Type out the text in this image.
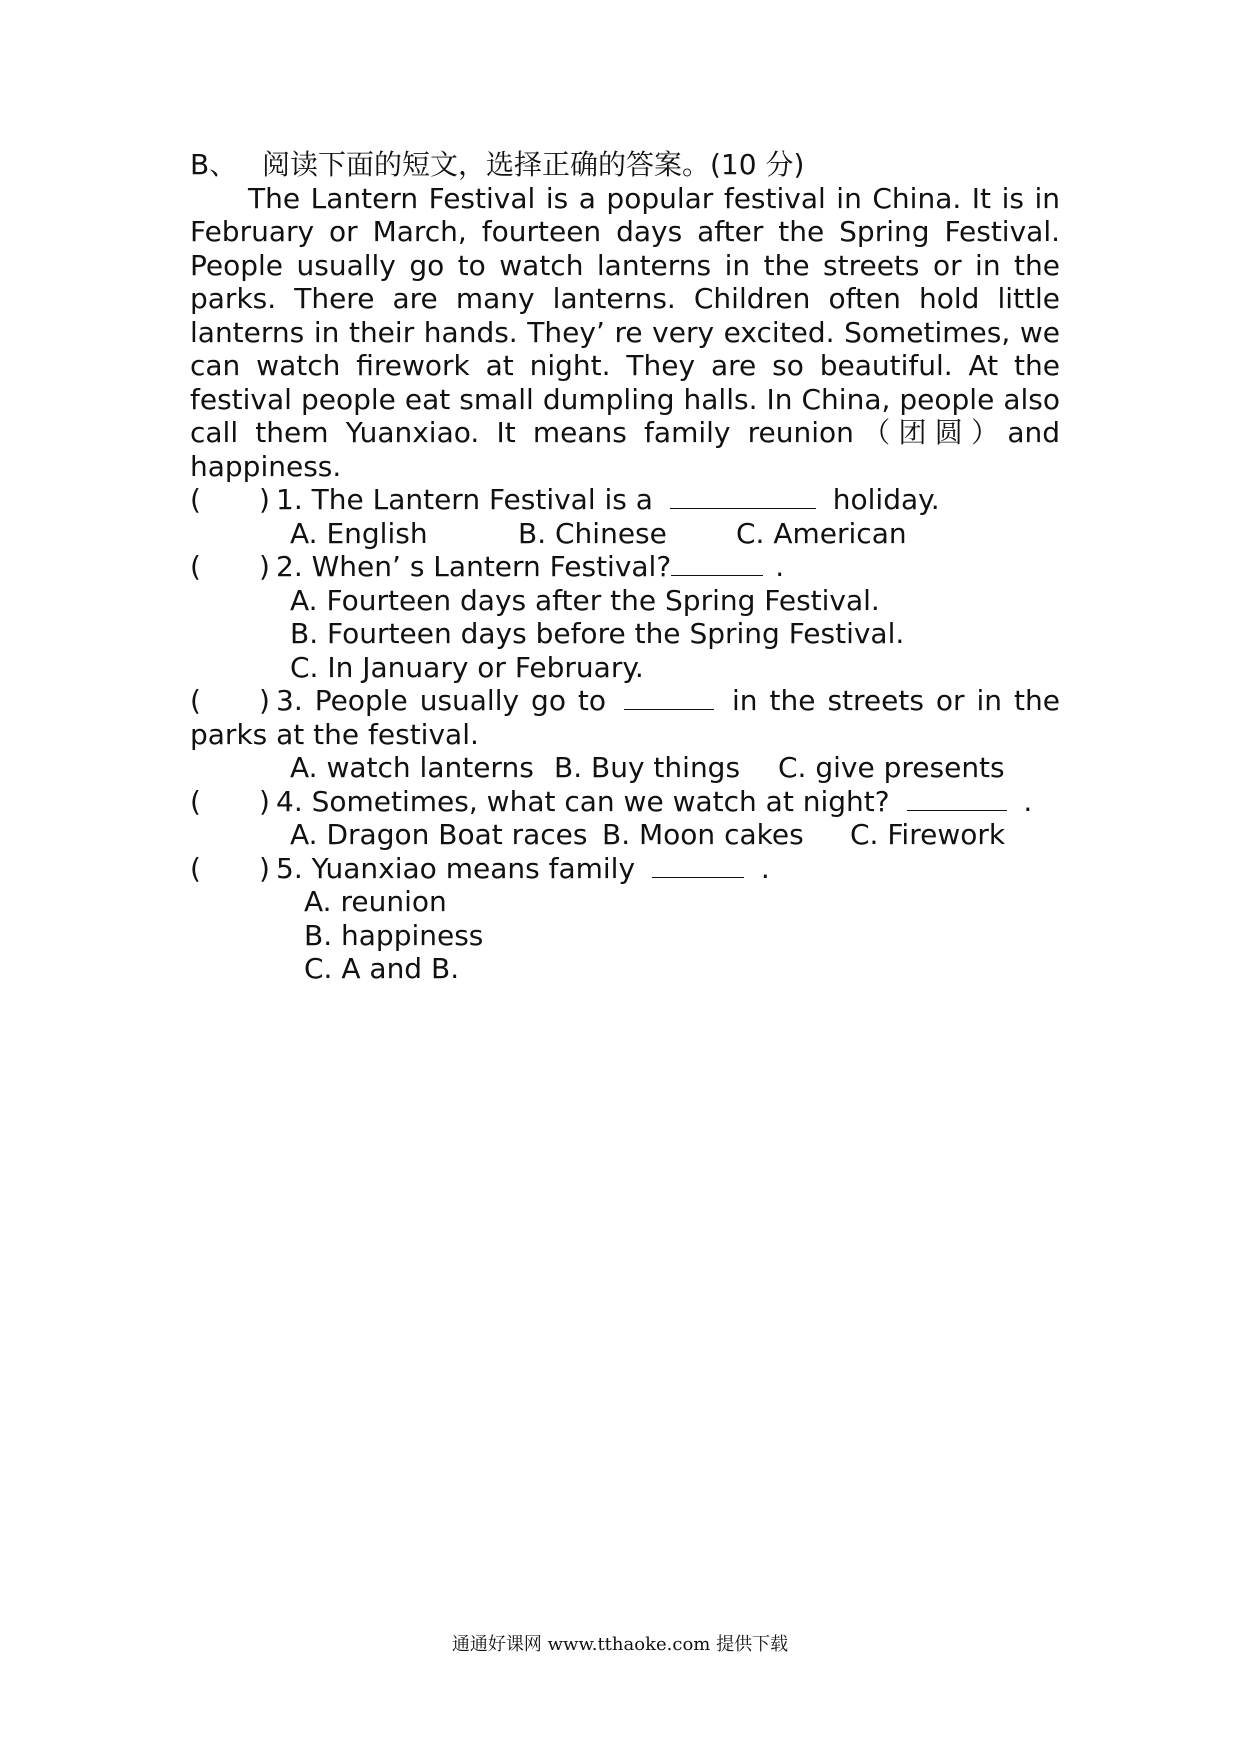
B、 阅读下面的短文，选择正确的答案。(10 分)

The Lantern Festival is a popular festival in China. It is in February or March, fourteen days after the Spring Festival. People usually go to watch lanterns in the streets or in the parks. There are many lanterns. Children often hold little lanterns in their hands. They’ re very excited. Sometimes, we can watch firework at night. They are so beautiful. At the festival people eat small dumpling halls. In China, people also call them Yuanxiao. It means family reunion（团圆）and happiness.

( ) 1. The Lantern Festival is a	holiday.
A. English	B. Chinese C. American
( ) 2. When’ s Lantern Festival?	.
A. Fourteen days after the Spring Festival.
B. Fourteen days before the Spring Festival.
C. In January or February.
( ) 3. People usually go to	in the streets or in the parks at the festival.
A. watch lanterns B. Buy things C. give presents
( ) 4. Sometimes, what can we watch at night?	.
A. Dragon Boat races B. Moon cakes C. Firework
( ) 5. Yuanxiao means family	.
A. reunion
B. happiness
C. A and B.
通通好课网 www.tthaoke.com 提供下载
